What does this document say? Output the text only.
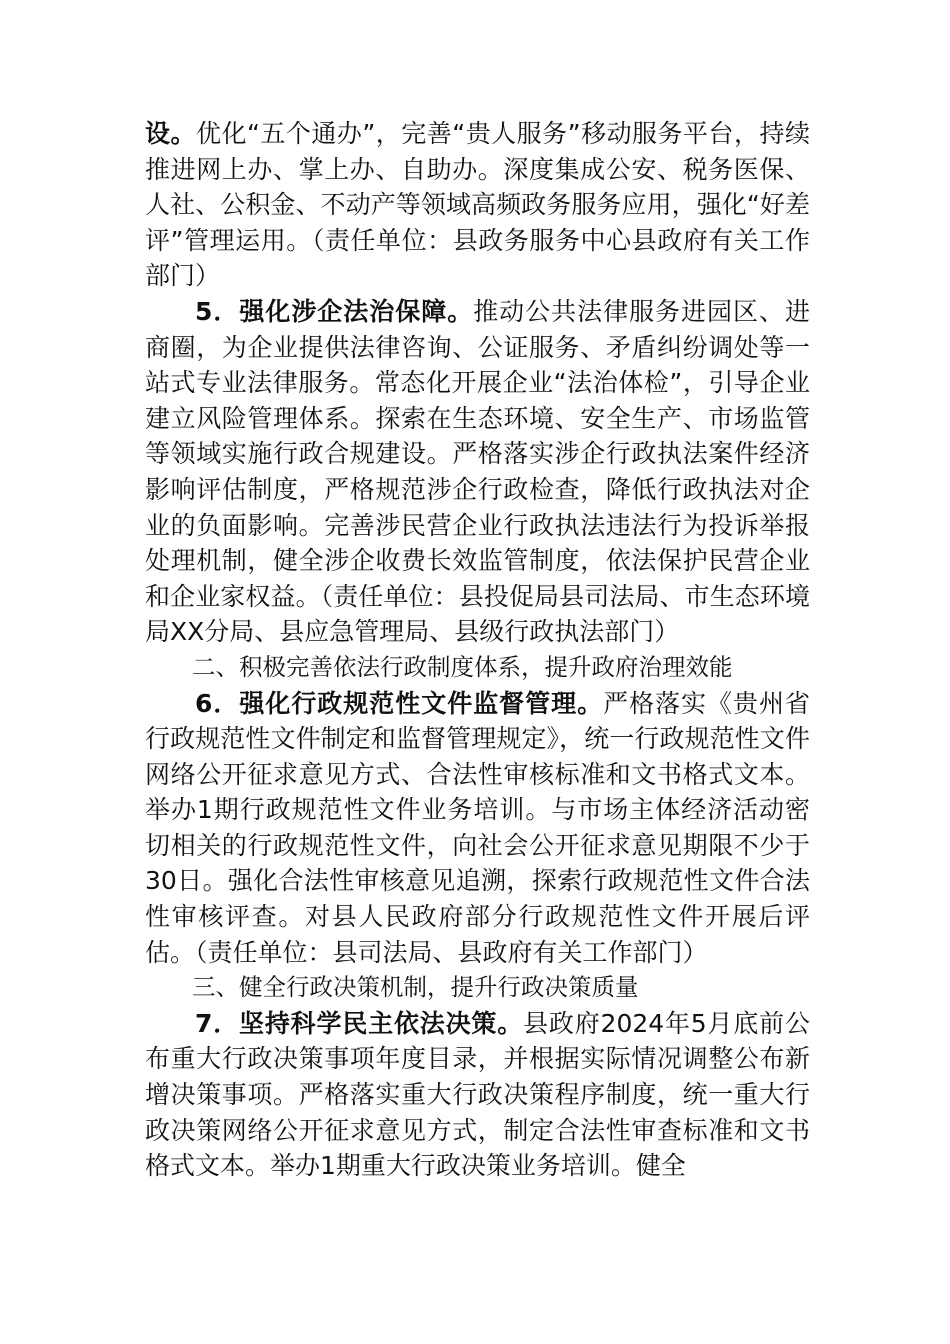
设。优化“五个通办”，完善“贵人服务”移动服务平台，持续推进网上办、掌上办、自助办。深度集成公安、税务医保、人社、公积金、不动产等领域高频政务服务应用，强化“好差评”管理运用。（责任单位：县政务服务中心县政府有关工作部门）

5．强化涉企法治保障。推动公共法律服务进园区、进商圈，为企业提供法律咨询、公证服务、矛盾纠纷调处等一站式专业法律服务。常态化开展企业“法治体检”，引导企业建立风险管理体系。探索在生态环境、安全生产、市场监管等领域实施行政合规建设。严格落实涉企行政执法案件经济影响评估制度，严格规范涉企行政检查，降低行政执法对企业的负面影响。完善涉民营企业行政执法违法行为投诉举报处理机制，健全涉企收费长效监管制度，依法保护民营企业和企业家权益。（责任单位：县投促局县司法局、市生态环境局XX分局、县应急管理局、县级行政执法部门）

二、积极完善依法行政制度体系，提升政府治理效能

6．强化行政规范性文件监督管理。严格落实《贵州省行政规范性文件制定和监督管理规定》，统一行政规范性文件网络公开征求意见方式、合法性审核标准和文书格式文本。举办1期行政规范性文件业务培训。与市场主体经济活动密切相关的行政规范性文件，向社会公开征求意见期限不少于30日。强化合法性审核意见追溯，探索行政规范性文件合法性审核评查。对县人民政府部分行政规范性文件开展后评估。（责任单位：县司法局、县政府有关工作部门）

三、健全行政决策机制，提升行政决策质量

7．坚持科学民主依法决策。县政府2024年5月底前公布重大行政决策事项年度目录，并根据实际情况调整公布新增决策事项。严格落实重大行政决策程序制度，统一重大行政决策网络公开征求意见方式，制定合法性审查标准和文书格式文本。举办1期重大行政决策业务培训。健全
